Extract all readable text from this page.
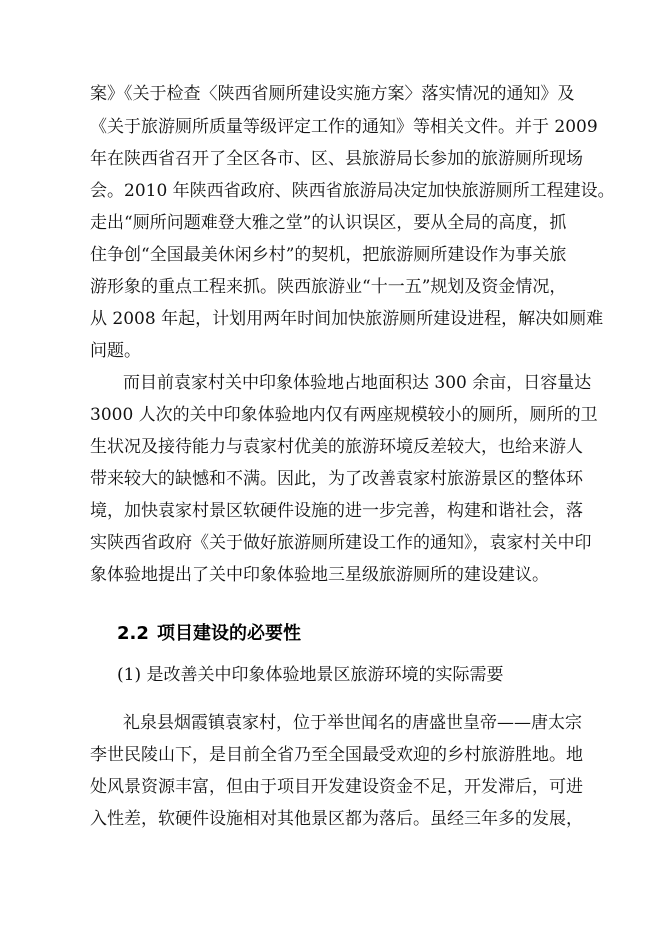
案》《关于检查〈陕西省厕所建设实施方案〉落实情况的通知》及
《关于旅游厕所质量等级评定工作的通知》等相关文件。并于 2009
年在陕西省召开了全区各市、区、县旅游局长参加的旅游厕所现场
会。2010 年陕西省政府、陕西省旅游局决定加快旅游厕所工程建设。
走出“厕所问题难登大雅之堂”的认识误区，要从全局的高度，抓
住争创“全国最美休闲乡村”的契机，把旅游厕所建设作为事关旅
游形象的重点工程来抓。陕西旅游业“十一五”规划及资金情况，
从 2008 年起，计划用两年时间加快旅游厕所建设进程，解决如厕难
问题。
而目前袁家村关中印象体验地占地面积达 300 余亩，日容量达
3000 人次的关中印象体验地内仅有两座规模较小的厕所，厕所的卫
生状况及接待能力与袁家村优美的旅游环境反差较大，也给来游人
带来较大的缺憾和不满。因此，为了改善袁家村旅游景区的整体环
境，加快袁家村景区软硬件设施的进一步完善，构建和谐社会，落
实陕西省政府《关于做好旅游厕所建设工作的通知》，袁家村关中印
象体验地提出了关中印象体验地三星级旅游厕所的建设建议。
2.2 项目建设的必要性
(1) 是改善关中印象体验地景区旅游环境的实际需要
礼泉县烟霞镇袁家村，位于举世闻名的唐盛世皇帝——唐太宗
李世民陵山下，是目前全省乃至全国最受欢迎的乡村旅游胜地。地
处风景资源丰富，但由于项目开发建设资金不足，开发滞后，可进
入性差，软硬件设施相对其他景区都为落后。虽经三年多的发展，
